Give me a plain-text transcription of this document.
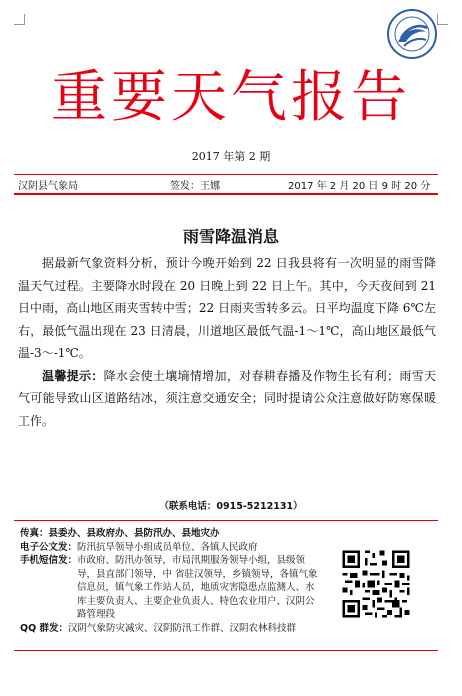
重要天气报告
2017 年第 2 期
汉阴县气象局	签发：王娜	2017 年 2 月 20 日 9 时 20 分
雨雪降温消息

据最新气象资料分析，预计今晚开始到 22 日我县将有一次明显的雨雪降温天气过程。主要降水时段在 20 日晚上到 22 日上午。其中，今天夜间到 21 日中雨，高山地区雨夹雪转中雪；22 日雨夹雪转多云。日平均温度下降 6℃左右，最低气温出现在 23 日清晨，川道地区最低气温-1～1℃，高山地区最低气温-3～-1℃。

温馨提示：降水会使土壤墒情增加，对春耕春播及作物生长有利；雨雪天气可能导致山区道路结冰，须注意交通安全；同时提请公众注意做好防寒保暖工作。

（联系电话：0915-5212131）
传真： 县委办、县政府办、县防汛办、县地灾办
电子公文发： 防汛抗旱领导小组成员单位、各镇人民政府
手机短信发： 市政府、防汛办领导，市局汛期服务领导小组，县级领导，县直部门领导，中 省驻汉领导，乡镇领导，各镇气象信息员，镇气象工作站人员，地质灾害隐患点监测人、水库主要负责人、主要企业负责人、特色农业用户、汉阴公路管理段
QQ 群发： 汉阴气象防灾减灾、汉阴防汛工作群、汉阴农林科技群
